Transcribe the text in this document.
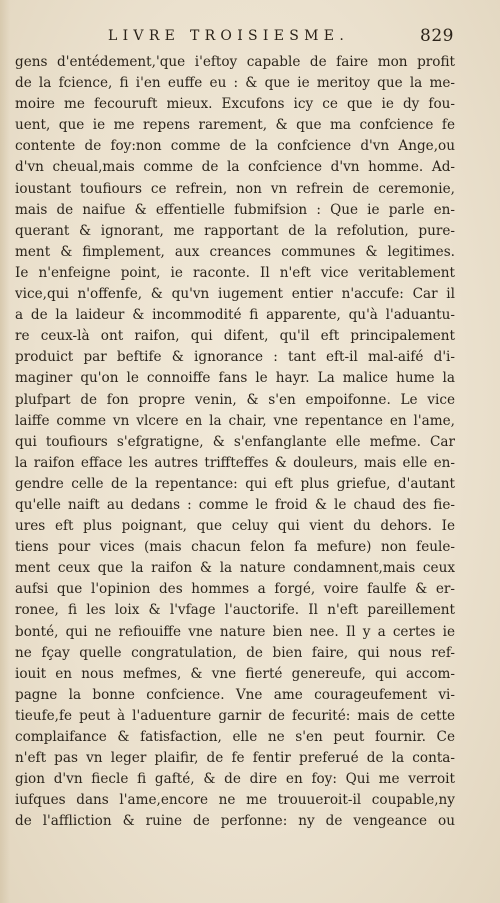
LIVRE TROISIESME.	829
gens d'entédement,'que i'eftoy capable de faire mon profit
de la fcience, fi i'en euffe eu : & que ie meritoy que la me-
moire me fecouruft mieux. Excufons icy ce que ie dy fou-
uent, que ie me repens rarement, & que ma confcience fe
contente de foy:non comme de la confcience d'vn Ange,ou
d'vn cheual,mais comme de la confcience d'vn homme. Ad-
ioustant toufiours ce refrein, non vn refrein de ceremonie,
mais de naifue & effentielle fubmifsion : Que ie parle en-
querant & ignorant, me rapportant de la refolution, pure-
ment & fimplement, aux creances communes & legitimes.
Ie n'enfeigne point, ie raconte. Il n'eft vice veritablement
vice,qui n'offenfe, & qu'vn iugement entier n'accufe: Car il
a de la laideur & incommodité fi apparente, qu'à l'aduantu-
re ceux-là ont raifon, qui difent, qu'il eft principalement
produict par beftife & ignorance : tant eft-il mal-aifé d'i-
maginer qu'on le connoiffe fans le hayr. La malice hume la
plufpart de fon propre venin, & s'en empoifonne. Le vice
laiffe comme vn vlcere en la chair, vne repentance en l'ame,
qui toufiours s'efgratigne, & s'enfanglante elle mefme. Car
la raifon efface les autres triffteffes & douleurs, mais elle en-
gendre celle de la repentance: qui eft plus griefue, d'autant
qu'elle naift au dedans : comme le froid & le chaud des fie-
ures eft plus poignant, que celuy qui vient du dehors. Ie
tiens pour vices (mais chacun felon fa mefure) non feule-
ment ceux que la raifon & la nature condamnent,mais ceux
aufsi que l'opinion des hommes a forgé, voire faulfe & er-
ronee, fi les loix & l'vfage l'auctorife. Il n'eft pareillement
bonté, qui ne refiouiffe vne nature bien nee. Il y a certes ie
ne fçay quelle congratulation, de bien faire, qui nous ref-
iouit en nous mefmes, & vne fierté genereufe, qui accom-
pagne la bonne confcience. Vne ame courageufement vi-
tieufe,fe peut à l'aduenture garnir de fecurité: mais de cette
complaifance & fatisfaction, elle ne s'en peut fournir. Ce
n'eft pas vn leger plaifir, de fe fentir preferué de la conta-
gion d'vn fiecle fi gafté, & de dire en foy: Qui me verroit
iufques dans l'ame,encore ne me trouueroit-il coupable,ny
de l'affliction & ruine de perfonne: ny de vengeance ou
